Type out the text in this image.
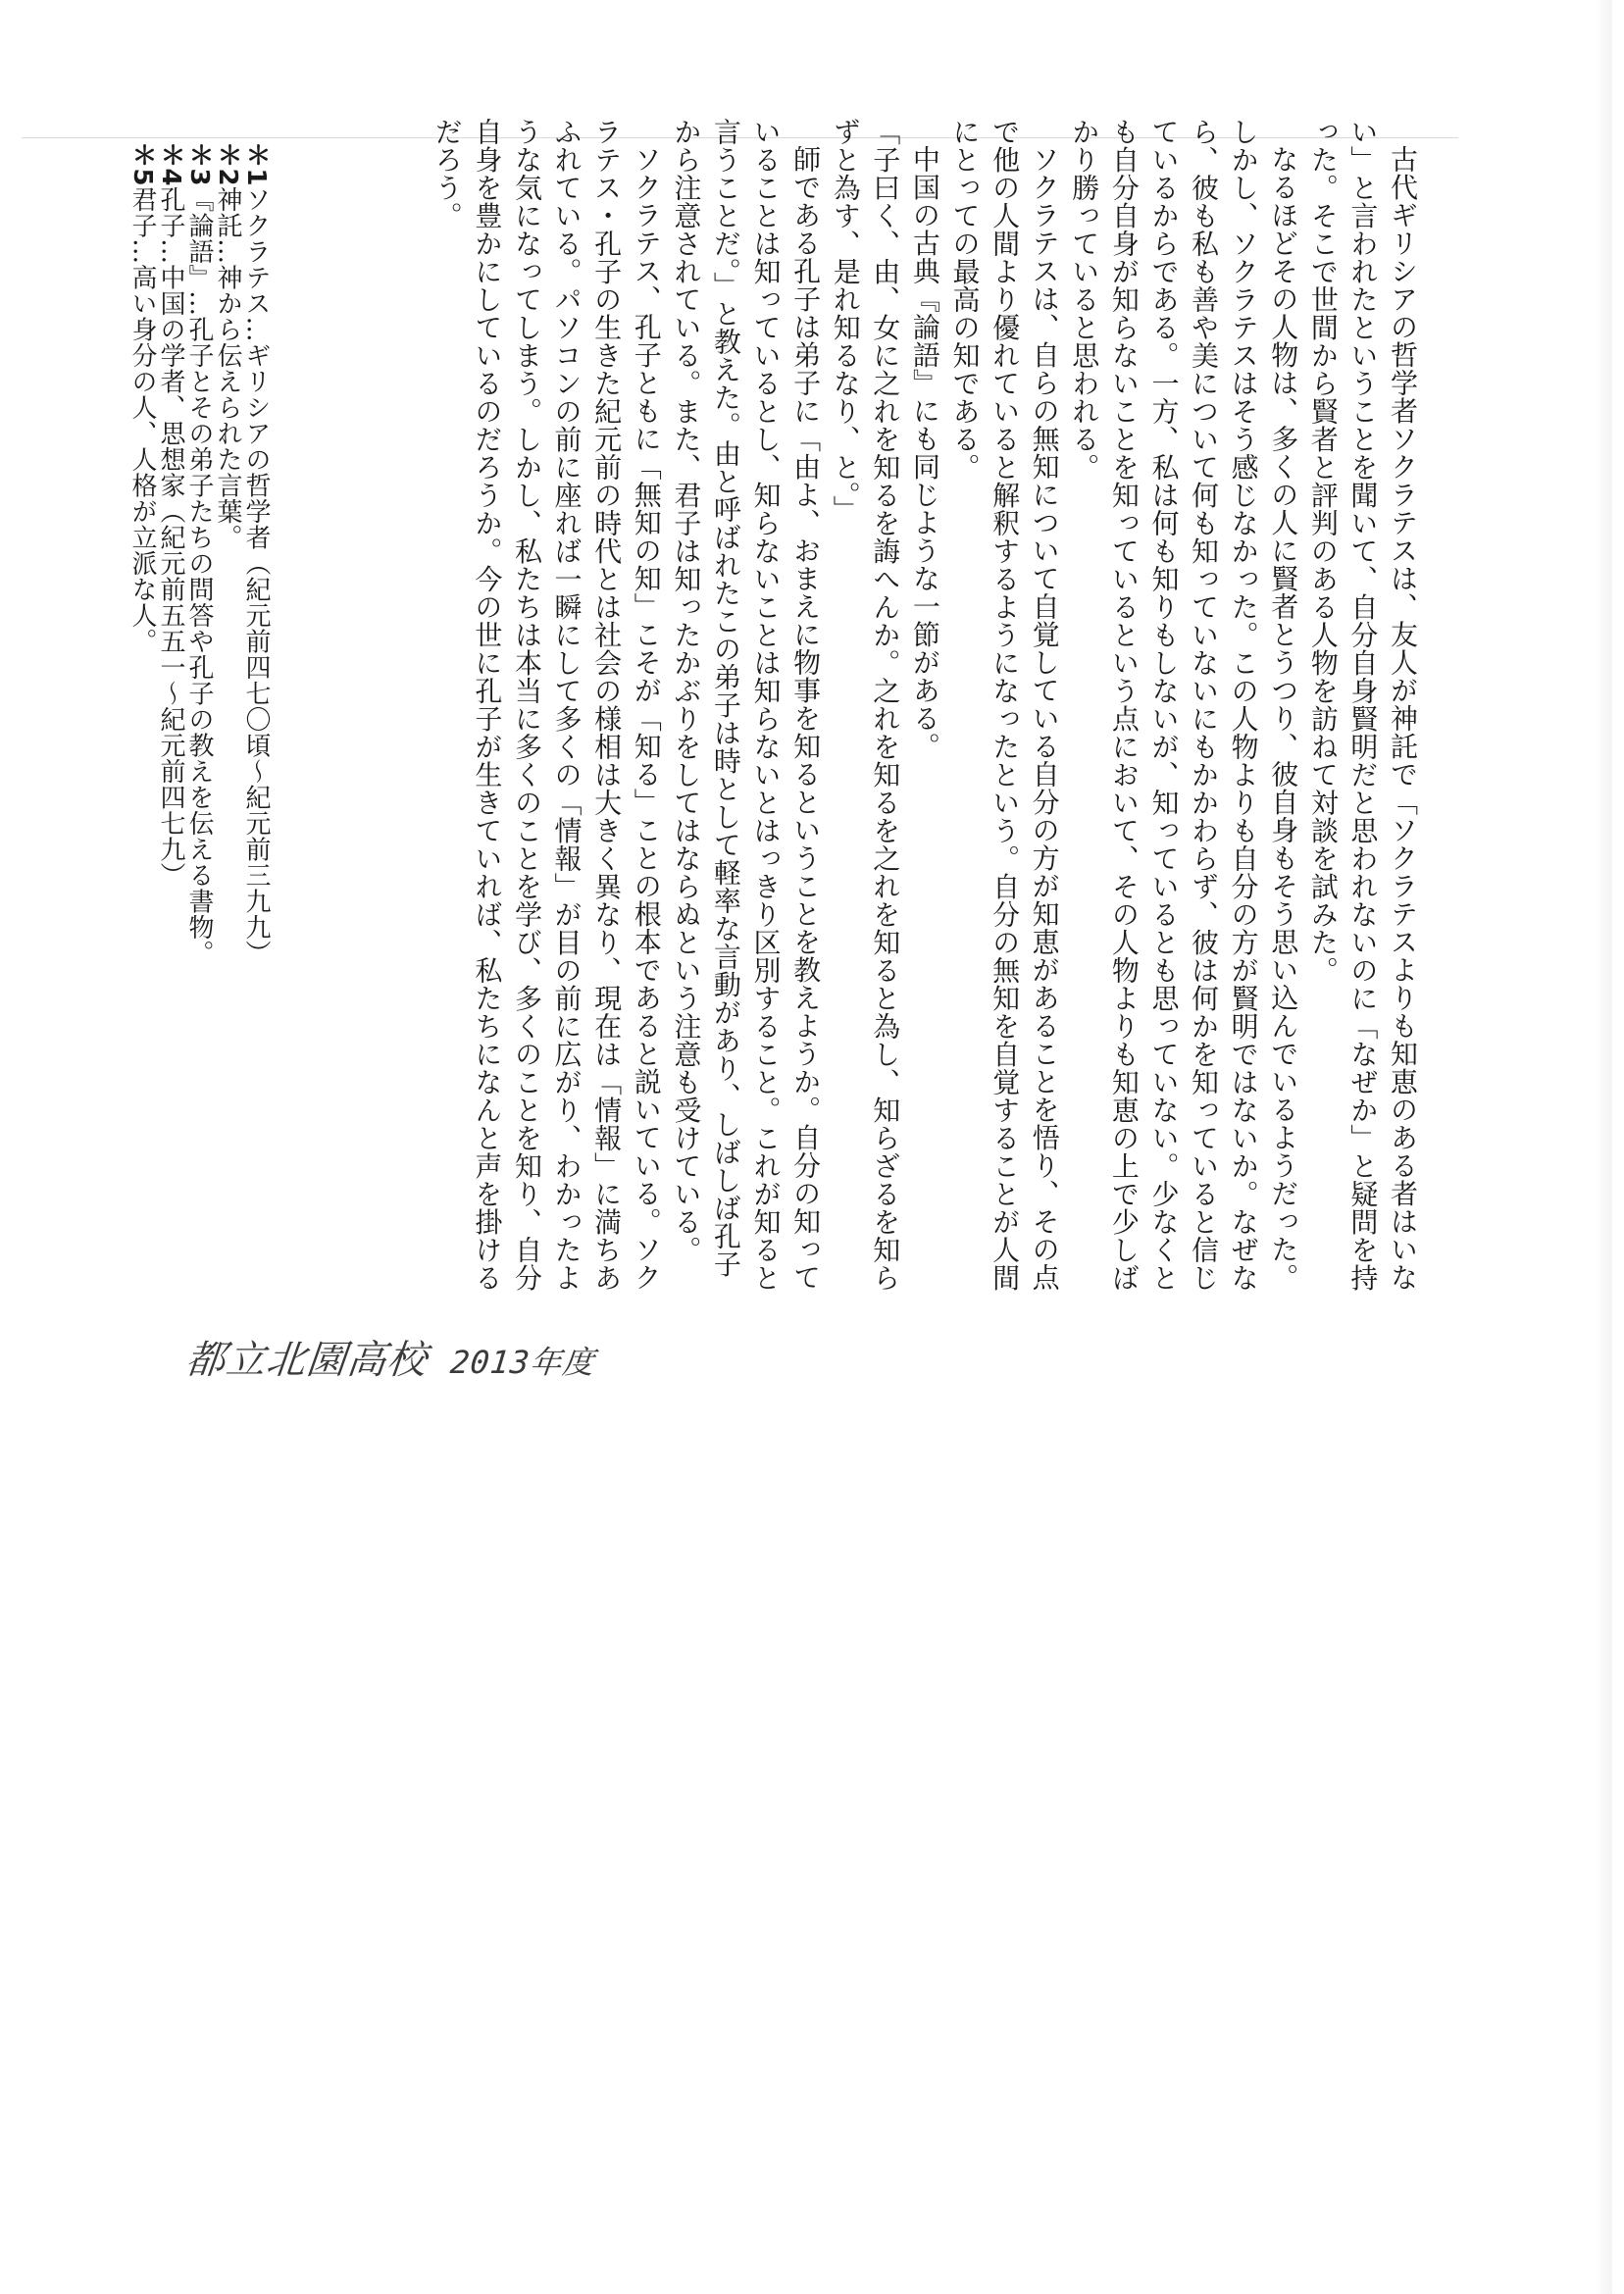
古代ギリシアの哲学者ソクラテスは、友人が神託で「ソクラテスよりも知恵のある者はいない」と言われたということを聞いて、自分自身賢明だと思われないのに「なぜか」と疑問を持った。そこで世間から賢者と評判のある人物を訪ねて対談を試みた。

なるほどその人物は、多くの人に賢者とうつり、彼自身もそう思い込んでいるようだった。しかし、ソクラテスはそう感じなかった。この人物よりも自分の方が賢明ではないか。なぜなら、彼も私も善や美について何も知っていないにもかかわらず、彼は何かを知っていると信じているからである。一方、私は何も知りもしないが、知っているとも思っていない。少なくとも自分自身が知らないことを知っているという点において、その人物よりも知恵の上で少しばかり勝っていると思われる。

ソクラテスは、自らの無知について自覚している自分の方が知恵があることを悟り、その点で他の人間より優れていると解釈するようになったという。自分の無知を自覚することが人間にとっての最高の知である。

中国の古典『論語』にも同じような一節がある。

「子曰く、由、女に之れを知るを誨へんか。之れを知るを之れを知ると為し、知らざるを知らずと為す、是れ知るなり、と。」

師である孔子は弟子に「由よ、おまえに物事を知るということを教えようか。自分の知っていることは知っているとし、知らないことは知らないとはっきり区別すること。これが知ると言うことだ。」と教えた。由と呼ばれたこの弟子は時として軽率な言動があり、しばしば孔子から注意されている。また、君子は知ったかぶりをしてはならぬという注意も受けている。

ソクラテス、孔子ともに「無知の知」こそが「知る」ことの根本であると説いている。ソクラテス・孔子の生きた紀元前の時代とは社会の様相は大きく異なり、現在は「情報」に満ちあふれている。パソコンの前に座れば一瞬にして多くの「情報」が目の前に広がり、わかったような気になってしまう。しかし、私たちは本当に多くのことを学び、多くのことを知り、自分自身を豊かにしているのだろうか。今の世に孔子が生きていれば、私たちになんと声を掛けるだろう。

＊1ソクラテス…ギリシアの哲学者（紀元前四七〇頃～紀元前三九九）

＊2神託…神から伝えられた言葉。

＊3『論語』…孔子とその弟子たちの問答や孔子の教えを伝える書物。

＊4孔子…中国の学者、思想家（紀元前五五一～紀元前四七九）

＊5君子…高い身分の人、人格が立派な人。

都立北園高校 2013年度
